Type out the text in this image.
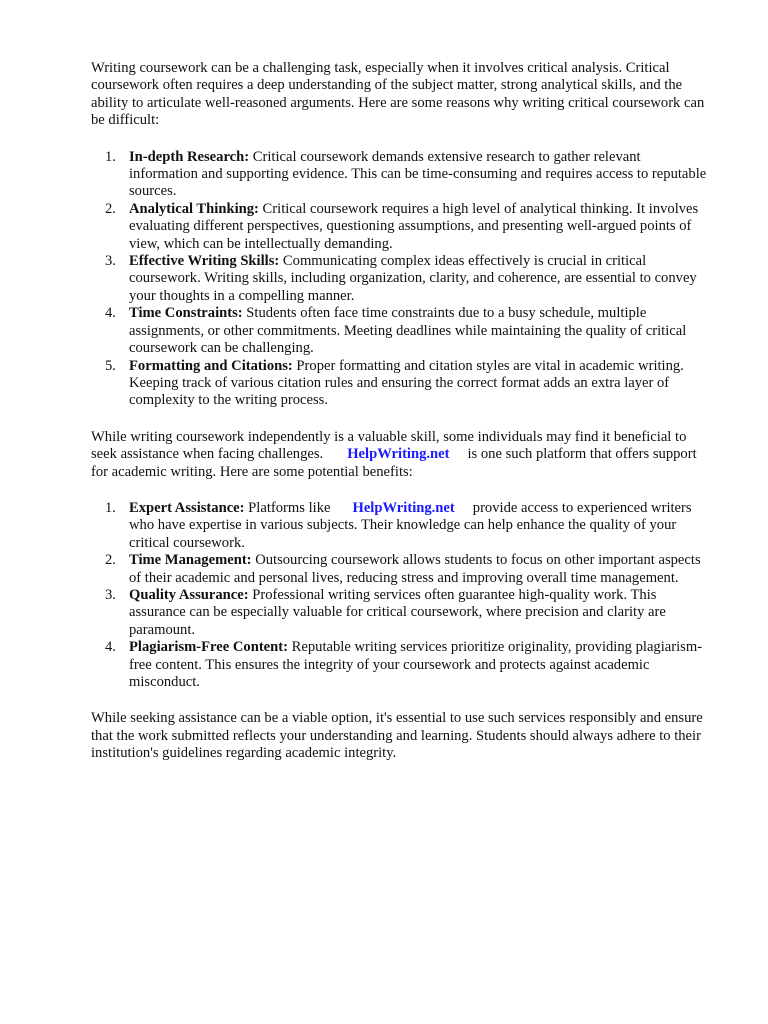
Writing coursework can be a challenging task, especially when it involves critical analysis. Critical coursework often requires a deep understanding of the subject matter, strong analytical skills, and the ability to articulate well-reasoned arguments. Here are some reasons why writing critical coursework can be difficult:

1. In-depth Research: Critical coursework demands extensive research to gather relevant information and supporting evidence. This can be time-consuming and requires access to reputable sources.
2. Analytical Thinking: Critical coursework requires a high level of analytical thinking. It involves evaluating different perspectives, questioning assumptions, and presenting well-argued points of view, which can be intellectually demanding.
3. Effective Writing Skills: Communicating complex ideas effectively is crucial in critical coursework. Writing skills, including organization, clarity, and coherence, are essential to convey your thoughts in a compelling manner.
4. Time Constraints: Students often face time constraints due to a busy schedule, multiple assignments, or other commitments. Meeting deadlines while maintaining the quality of critical coursework can be challenging.
5. Formatting and Citations: Proper formatting and citation styles are vital in academic writing. Keeping track of various citation rules and ensuring the correct format adds an extra layer of complexity to the writing process.

While writing coursework independently is a valuable skill, some individuals may find it beneficial to seek assistance when facing challenges. HelpWriting.net is one such platform that offers support for academic writing. Here are some potential benefits:

1. Expert Assistance: Platforms like HelpWriting.net provide access to experienced writers who have expertise in various subjects. Their knowledge can help enhance the quality of your critical coursework.
2. Time Management: Outsourcing coursework allows students to focus on other important aspects of their academic and personal lives, reducing stress and improving overall time management.
3. Quality Assurance: Professional writing services often guarantee high-quality work. This assurance can be especially valuable for critical coursework, where precision and clarity are paramount.
4. Plagiarism-Free Content: Reputable writing services prioritize originality, providing plagiarism-free content. This ensures the integrity of your coursework and protects against academic misconduct.

While seeking assistance can be a viable option, it's essential to use such services responsibly and ensure that the work submitted reflects your understanding and learning. Students should always adhere to their institution's guidelines regarding academic integrity.
